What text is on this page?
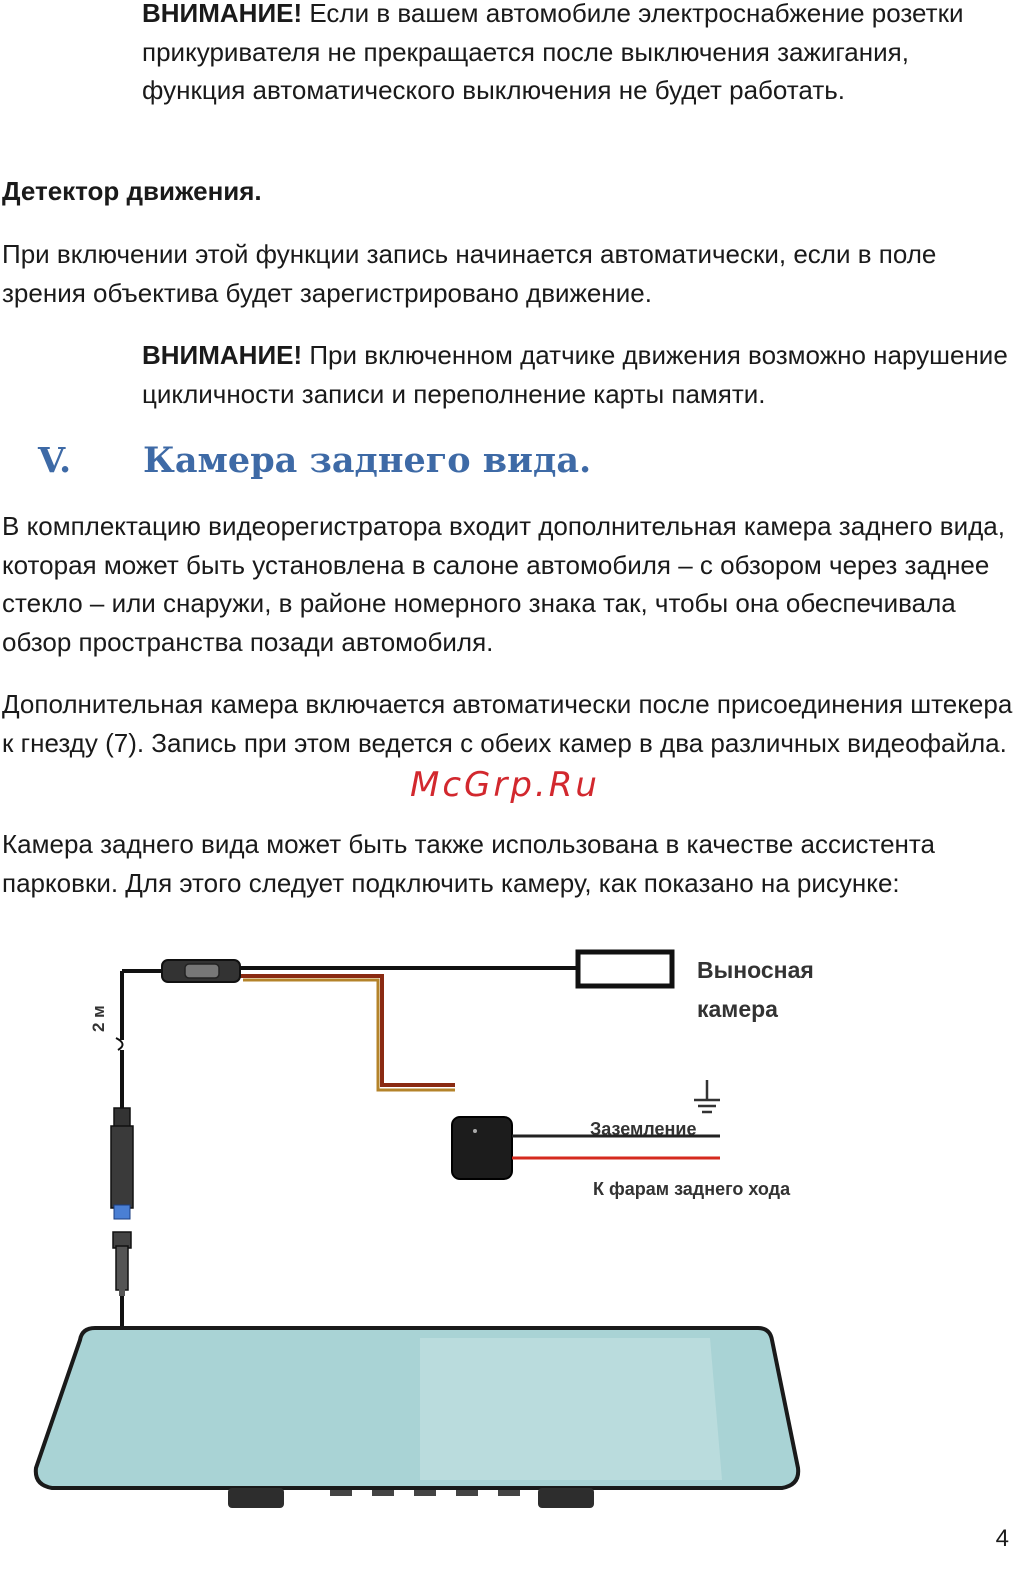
ВНИМАНИЕ! Если в вашем автомобиле электроснабжение розетки прикуривателя не прекращается после выключения зажигания, функция автоматического выключения не будет работать.
Детектор движения.
При включении этой функции запись начинается автоматически, если в поле зрения объектива будет зарегистрировано движение.
ВНИМАНИЕ! При включенном датчике движения возможно нарушение цикличности записи и переполнение карты памяти.
V. Камера заднего вида.
В комплектацию видеорегистратора входит дополнительная камера заднего вида, которая может быть установлена в салоне автомобиля – с обзором через заднее стекло – или снаружи, в районе номерного знака так, чтобы она обеспечивала обзор пространства позади автомобиля.
Дополнительная камера включается автоматически после присоединения штекера к гнезду (7). Запись при этом ведется с обеих камер в два различных видеофайла.
Камера заднего вида может быть также использована в качестве ассистента парковки. Для этого следует подключить камеру, как показано на рисунке:
McGrp.Ru
2 м
Выносная
камера
Заземление
К фарам заднего хода
4
